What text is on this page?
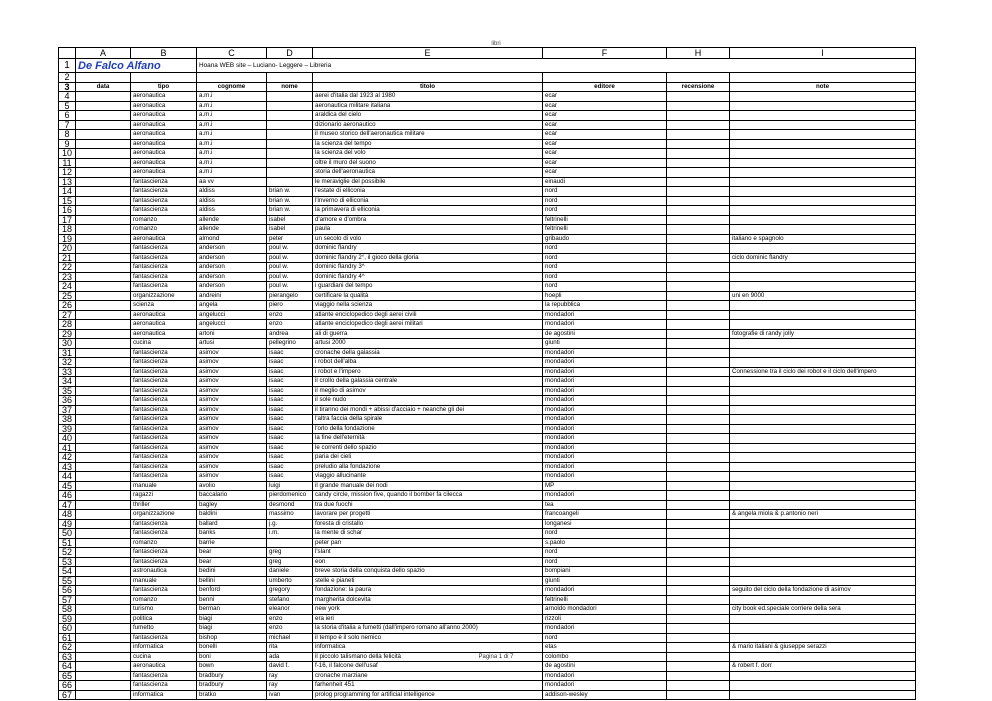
libri
	A	B	C	D	E	F	H	I
1	De Falco Alfano		Hoana WEB site – Luciano- Leggere – Libreria					
2								
3	data	tipo	cognome	nome	titolo	editore	recensione	note
4		aeronautica	a.m.i		aerei d'italia dal 1923 al 1980	ecar		
5		aeronautica	a.m.i		aeronautica militare italiana	ecar		
6		aeronautica	a.m.i		araldica del cielo	ecar		
7		aeronautica	a.m.i		dizionario aeronautico	ecar		
8		aeronautica	a.m.i		il museo storico dell'aeronautica militare	ecar		
9		aeronautica	a.m.i		la scienza del tempo	ecar		
10		aeronautica	a.m.i		la scienza del volo	ecar		
11		aeronautica	a.m.i		oltre il muro del suono	ecar		
12		aeronautica	a.m.i		storia dell'aeronautica	ecar		
13		fantascienza	aa vv		le meraviglie del possibile	einaudi		
14		fantascienza	aldiss	brian w.	l'estate di elliconia	nord		
15		fantascienza	aldiss	brian w.	l'inverno di elliconia	nord		
16		fantascienza	aldiss	brian w.	la primavera di elliconia	nord		
17		romanzo	allende	isabel	d'amore e d'ombra	feltrinelli		
18		romanzo	allende	isabel	paula	feltrinelli		
19		aeronautica	almond	peter	un secolo di volo	gribaudo		italiano e spagnolo
20		fantascienza	anderson	poul w.	dominic flandry	nord		
21		fantascienza	anderson	poul w.	dominic flandry 2°, il gioco della gloria	nord		ciclo dominic flandry
22		fantascienza	anderson	poul w.	dominic flandry 3^	nord		
23		fantascienza	anderson	poul w.	dominic flandry 4^	nord		
24		fantascienza	anderson	poul w.	i guardiani del tempo	nord		
25		organizzazione	andreini	pierangelo	certificare la qualità	hoepli		uni en 9000
26		scienza	angela	piero	viaggio nella scienza	la repubblica		
27		aeronautica	angelucci	enzo	atlante enciclopedico degli aerei civili	mondadori		
28		aeronautica	angelucci	enzo	atlante enciclopedico degli aerei militari	mondadori		
29		aeronautica	artoni	andrea	ali di guerra	de agostini		fotografie di randy jolly
30		cucina	artusi	pellegrino	artusi 2000	giunti		
31		fantascienza	asimov	isaac	cronache della galassia	mondadori		
32		fantascienza	asimov	isaac	i robot dell'alba	mondadori		
33		fantascienza	asimov	isaac	i robot e l'impero	mondadori		Connessione tra il ciclo dei robot e il ciclo dell'impero
34		fantascienza	asimov	isaac	il crollo della galassia centrale	mondadori		
35		fantascienza	asimov	isaac	il meglio di asimov	mondadori		
36		fantascienza	asimov	isaac	il sole nudo	mondadori		
37		fantascienza	asimov	isaac	il tiranno dei mondi + abissi d'acciaio + neanche gli dei	mondadori		
38		fantascienza	asimov	isaac	l'altra faccia della spirale	mondadori		
39		fantascienza	asimov	isaac	l'orlo della fondazione	mondadori		
40		fantascienza	asimov	isaac	la fine dell'eternità	mondadori		
41		fantascienza	asimov	isaac	le correnti dello spazio	mondadori		
42		fantascienza	asimov	isaac	paria dei cieli	mondadori		
43		fantascienza	asimov	isaac	preludio alla fondazione	mondadori		
44		fantascienza	asimov	isaac	viaggio allucinante	mondadori		
45		manuale	avolio	luigi	il grande manuale dei nodi	MP		
46		ragazzi	baccalario	pierdomenico	candy circle, mission five, quando il bomber fa cilecca	mondadori		
47		thriller	bagley	desmond	tra due fuochi	tea		
48		organizzazione	baldini	massimo	lavorare per progetti	francoangeli		& angela miola & p.antonio neri
49		fantascienza	ballard	j.g.	foresta di cristallo	longanesi		
50		fantascienza	banks	i.m.	la mente di schar	nord		
51		romanzo	barrie		peter pan	s.paolo		
52		fantascienza	bear	greg	l'slant	nord		
53		fantascienza	bear	greg	eon	nord		
54		astronautica	bedini	daniele	breve storia della conquista dello spazio	bompiani		
55		manuale	bellini	umberto	stelle e pianeti	giunti		
56		fantascienza	benford	gregory	fondazione: la paura	mondadori		seguito del ciclo della fondazione di asimov
57		romanzo	benni	stefano	margherita dolcevita	feltrinelli		
58		turismo	berman	eleanor	new york	arnoldo mondadori		city book ed.speciale corriere della sera
59		politica	biagi	enzo	era ieri	rizzoli		
60		fumetto	biagi	enzo	la storia d'italia a fumetti (dall'impero romano all'anno 2000)	mondadori		
61		fantascienza	bishop	michael	il tempo è il solo nemico	nord		
62		informatica	bonelli	rita	informatica	etas		& mario italiani & giuseppe serazzi
63		cucina	boni	ada	il piccolo talismano della felicità	colombo		
64		aeronautica	bown	david f.	f-16, il falcone dell'usaf	de agostini		& robert f. dorr
65		fantascienza	bradbury	ray	cronache marziane	mondadori		
66		fantascienza	bradbury	ray	farhenheit 451	mondadori		
67		informatica	bratko	ivan	prolog programming for artificial intelligence	addison-wesley		
Pagina 1 di 7
